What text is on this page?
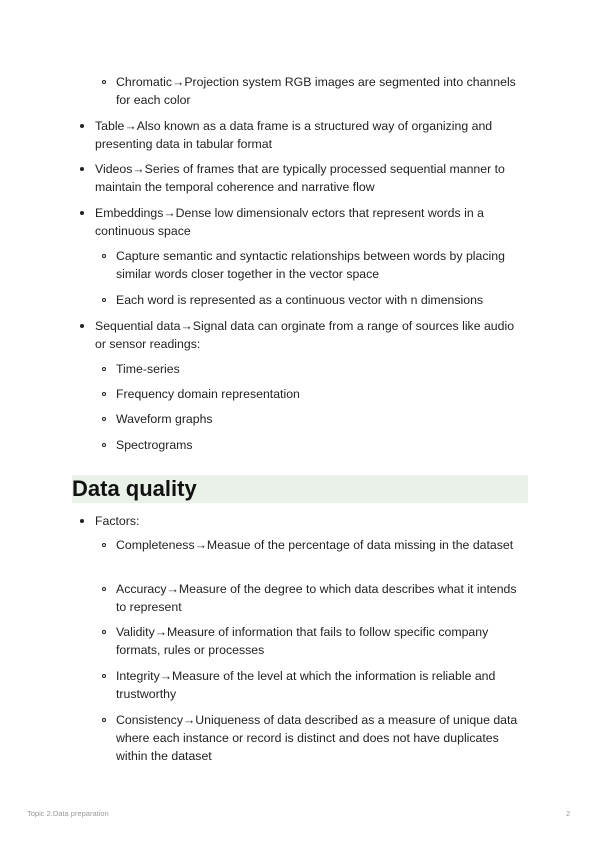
Chromatic→Projection system RGB images are segmented into channels for each color
Table→Also known as a data frame is a structured way of organizing and presenting data in tabular format
Videos→Series of frames that are typically processed sequential manner to maintain the temporal coherence and narrative flow
Embeddings→Dense low dimensionalv ectors that represent words in a continuous space
Capture semantic and syntactic relationships between words by placing similar words closer together in the vector space
Each word is represented as a continuous vector with n dimensions
Sequential data→Signal data can orginate from a range of sources like audio or sensor readings:
Time-series
Frequency domain representation
Waveform graphs
Spectrograms
Data quality
Factors:
Completeness→Measue of the percentage of data missing in the dataset
Accuracy→Measure of the degree to which data describes what it intends to represent
Validity→Measure of information that fails to follow specific company formats, rules or processes
Integrity→Measure of the level at which the information is reliable and trustworthy
Consistency→Uniqueness of data described as a measure of unique data where each instance or record is distinct and does not have duplicates within the dataset
Topic 2.Data preparation	2
